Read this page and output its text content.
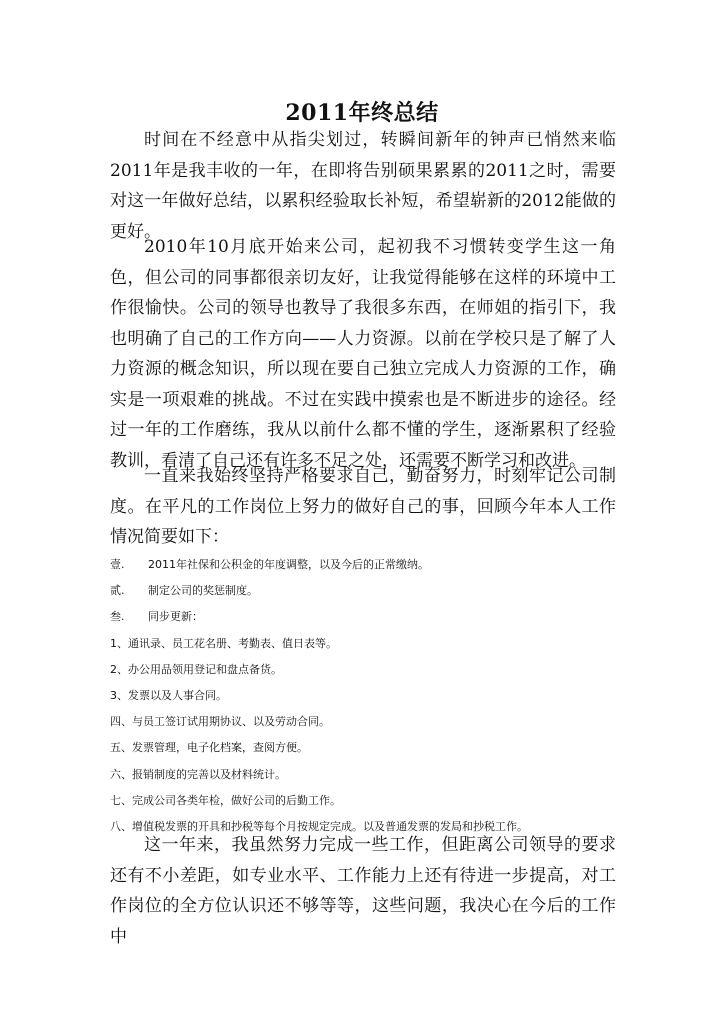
2011年终总结

时间在不经意中从指尖划过，转瞬间新年的钟声已悄然来临2011年是我丰收的一年，在即将告别硕果累累的2011之时，需要对这一年做好总结，以累积经验取长补短，希望崭新的2012能做的更好。

2010年10月底开始来公司，起初我不习惯转变学生这一角色，但公司的同事都很亲切友好，让我觉得能够在这样的环境中工作很愉快。公司的领导也教导了我很多东西，在师姐的指引下，我也明确了自己的工作方向——人力资源。以前在学校只是了解了人力资源的概念知识，所以现在要自己独立完成人力资源的工作，确实是一项艰难的挑战。不过在实践中摸索也是不断进步的途径。经过一年的工作磨练，我从以前什么都不懂的学生，逐渐累积了经验教训，看清了自己还有许多不足之处，还需要不断学习和改进。

一直来我始终坚持严格要求自己，勤奋努力，时刻牢记公司制度。在平凡的工作岗位上努力的做好自己的事，回顾今年本人工作情况简要如下：

壹. 2011年社保和公积金的年度调整，以及今后的正常缴纳。
贰. 制定公司的奖惩制度。
叁. 同步更新：
1、通讯录、员工花名册、考勤表、值日表等。
2、办公用品领用登记和盘点备货。
3、发票以及人事合同。
四、与员工签订试用期协议、以及劳动合同。
五、发票管理，电子化档案，查阅方便。
六、报销制度的完善以及材料统计。
七、完成公司各类年检，做好公司的后勤工作。
八、增值税发票的开具和抄税等每个月按规定完成。以及普通发票的发局和抄税工作。

这一年来，我虽然努力完成一些工作，但距离公司领导的要求还有不小差距，如专业水平、工作能力上还有待进一步提高，对工作岗位的全方位认识还不够等等，这些问题，我决心在今后的工作中
